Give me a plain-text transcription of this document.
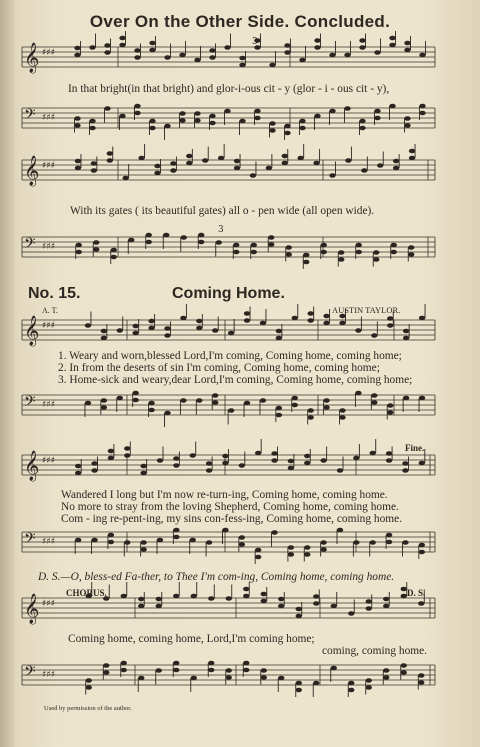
𝄞 ♯♯♯
𝄢 ♯♯♯
𝄞 ♯♯♯
𝄢 ♯♯♯
𝄞 ♯♯♯
𝄢 ♯♯♯
𝄞 ♯♯♯
𝄢 ♯♯♯
𝄞 ♯♯♯
𝄢 ♯♯♯
3
3
Over On the Other Side. Concluded.
In that bright(in that bright) and glor-i-ous cit - y (glor - i - ous cit - y),
With its gates ( its beautiful gates) all o - pen wide (all open wide).
No. 15.	Coming Home.
AUSTIN TAYLOR.
A. T.
1. Weary and worn,blessed Lord,I'm coming, Coming home, coming home;
2. In from the deserts of sin I'm coming, Coming home, coming home;
3. Home-sick and weary,dear Lord,I'm coming, Coming home, coming home;
Fine.
Wandered I long but I'm now re-turn-ing, Coming home, coming home.
No more to stray from the loving Shepherd, Coming home, coming home.
Com - ing re-pent-ing, my sins con-fess-ing, Coming home, coming home.
D. S.—O, bless-ed Fa-ther, to Thee I'm com-ing, Coming home, coming home.
CHORUS.	D. S.
Coming home, coming home, Lord,I'm coming home;
coming, coming home.
Used by permission of the author.
